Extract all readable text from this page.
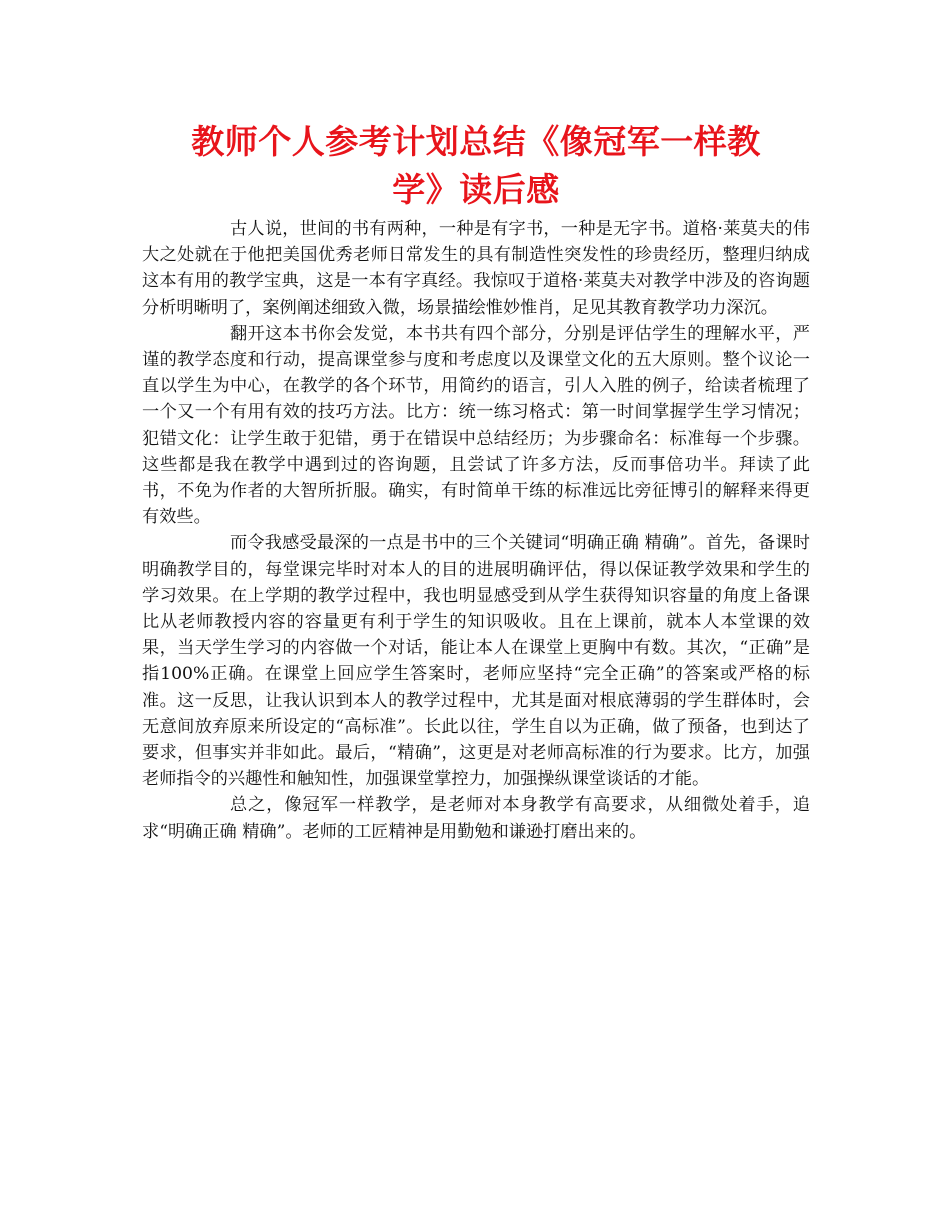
教师个人参考计划总结《像冠军一样教
学》读后感

古人说，世间的书有两种，一种是有字书，一种是无字书。道格·莱莫夫的伟大之处就在于他把美国优秀老师日常发生的具有制造性突发性的珍贵经历，整理归纳成这本有用的教学宝典，这是一本有字真经。我惊叹于道格·莱莫夫对教学中涉及的咨询题分析明晰明了，案例阐述细致入微，场景描绘惟妙惟肖，足见其教育教学功力深沉。

翻开这本书你会发觉，本书共有四个部分，分别是评估学生的理解水平，严谨的教学态度和行动，提高课堂参与度和考虑度以及课堂文化的五大原则。整个议论一直以学生为中心，在教学的各个环节，用简约的语言，引人入胜的例子，给读者梳理了一个又一个有用有效的技巧方法。比方：统一练习格式：第一时间掌握学生学习情况；犯错文化：让学生敢于犯错，勇于在错误中总结经历；为步骤命名：标准每一个步骤。这些都是我在教学中遇到过的咨询题，且尝试了许多方法，反而事倍功半。拜读了此书，不免为作者的大智所折服。确实，有时简单干练的标准远比旁征博引的解释来得更有效些。

而令我感受最深的一点是书中的三个关键词“明确正确 精确”。首先，备课时明确教学目的，每堂课完毕时对本人的目的进展明确评估，得以保证教学效果和学生的学习效果。在上学期的教学过程中，我也明显感受到从学生获得知识容量的角度上备课比从老师教授内容的容量更有利于学生的知识吸收。且在上课前，就本人本堂课的效果，当天学生学习的内容做一个对话，能让本人在课堂上更胸中有数。其次，“正确”是指100%正确。在课堂上回应学生答案时，老师应坚持“完全正确”的答案或严格的标准。这一反思，让我认识到本人的教学过程中，尤其是面对根底薄弱的学生群体时，会无意间放弃原来所设定的“高标准”。长此以往，学生自以为正确，做了预备，也到达了要求，但事实并非如此。最后，“精确”，这更是对老师高标准的行为要求。比方，加强老师指令的兴趣性和触知性，加强课堂掌控力，加强操纵课堂谈话的才能。

总之，像冠军一样教学，是老师对本身教学有高要求，从细微处着手，追求“明确正确 精确”。老师的工匠精神是用勤勉和谦逊打磨出来的。
